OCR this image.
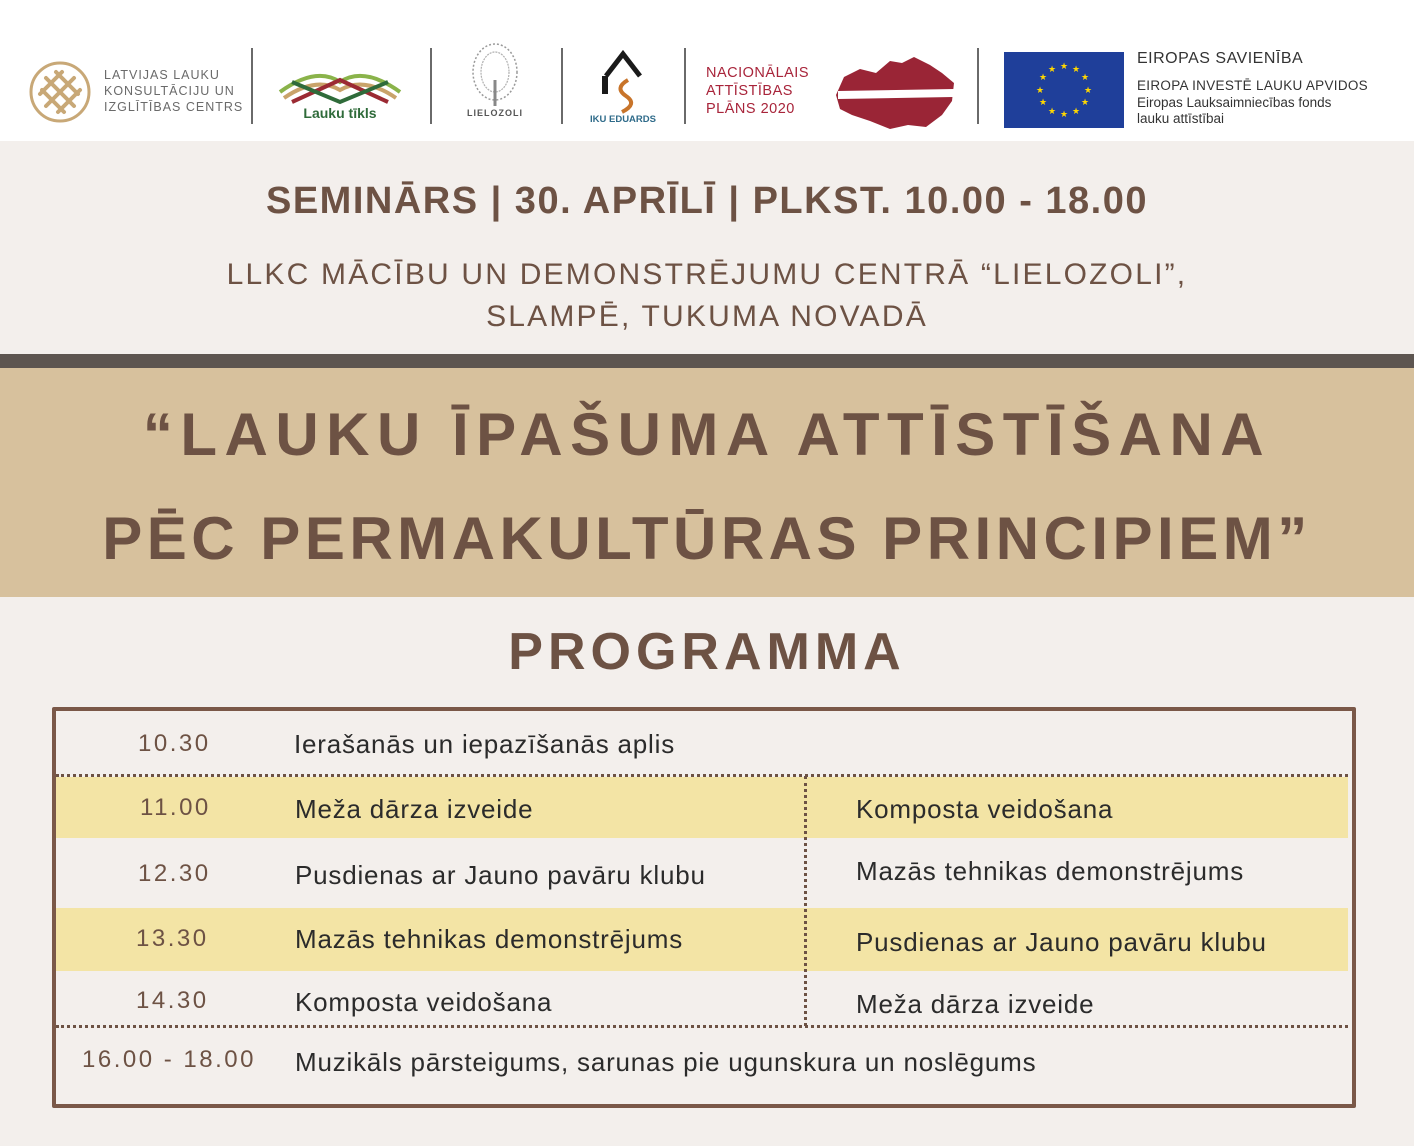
LATVIJAS LAUKU
KONSULTĀCIJU UN
IZGLĪTĪBAS CENTRS	Lauku tīkls	LIELOZOLI
IKU EDUARDS
NACIONĀLAIS
ATTĪSTĪBAS
PLĀNS 2020
★ ★
★
★
★
★
★
★
★
★
★
★
EIROPAS SAVIENĪBA
EIROPA INVESTĒ LAUKU APVIDOS
Eiropas Lauksaimniecības fonds
lauku attīstībai
SEMINĀRS | 30. APRĪLĪ | PLKST. 10.00 - 18.00
LLKC MĀCĪBU UN DEMONSTRĒJUMU CENTRĀ “LIELOZOLI”,
SLAMPĒ, TUKUMA NOVADĀ
“LAUKU ĪPAŠUMA ATTĪSTĪŠANA
PĒC PERMAKULTŪRAS PRINCIPIEM”
PROGRAMMA
10.30	Ierašanās un iepazīšanās aplis
11.00	Meža dārza izveide	Komposta veidošana
12.30	Pusdienas ar Jauno pavāru klubu	Mazās tehnikas demonstrējums
13.30	Mazās tehnikas demonstrējums	Pusdienas ar Jauno pavāru klubu
14.30	Komposta veidošana	Meža dārza izveide
16.00 - 18.00 Muzikāls pārsteigums, sarunas pie ugunskura un noslēgums
